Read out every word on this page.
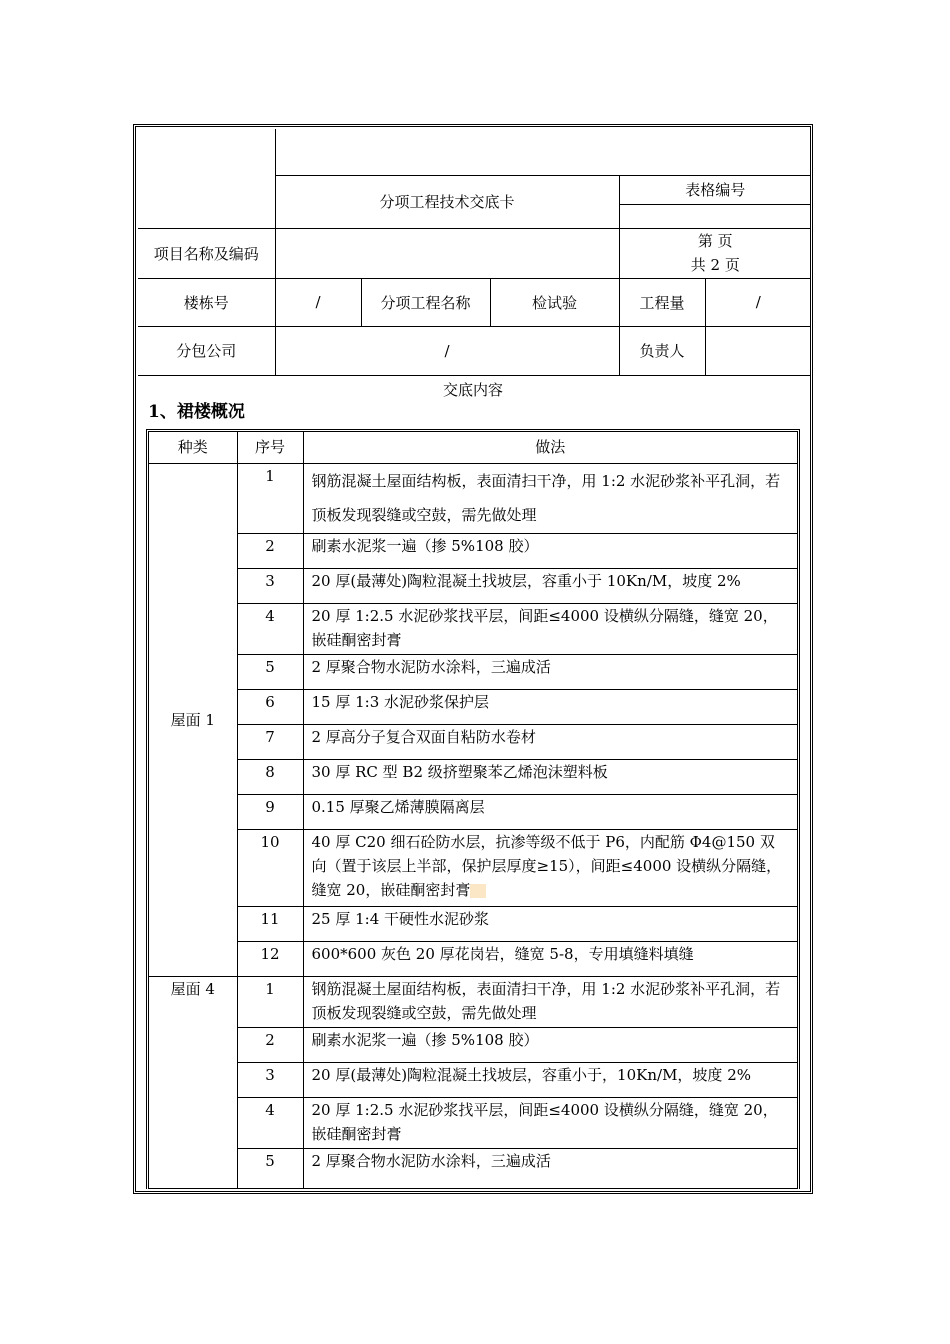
	分项工程技术交底卡			表格编号	

项目名称及编码				第 页
共 2 页	

楼栋号	/	分项工程名称	检试验	工程量	/
分包公司	/			负责人	
交底内容
1、裙楼概况
种类	序号	做法
屋面 1	1	钢筋混凝土屋面结构板，表面清扫干净，用 1:2 水泥砂浆补平孔洞，若顶板发现裂缝或空鼓，需先做处理
	2	刷素水泥浆一遍（掺 5%108 胶）
	3	20 厚(最薄处)陶粒混凝土找坡层，容重小于 10Kn/M，坡度 2%
	4	20 厚 1:2.5 水泥砂浆找平层，间距≤4000 设横纵分隔缝，缝宽 20，嵌硅酮密封膏
	5	2 厚聚合物水泥防水涂料，三遍成活
	6	15 厚 1:3 水泥砂浆保护层
	7	2 厚高分子复合双面自粘防水卷材
	8	30 厚 RC 型 B2 级挤塑聚苯乙烯泡沫塑料板
	9	0.15 厚聚乙烯薄膜隔离层
	10	40 厚 C20 细石砼防水层，抗渗等级不低于 P6，内配筋 Φ4@150 双向（置于该层上半部，保护层厚度≥15），间距≤4000 设横纵分隔缝，缝宽 20，嵌硅酮密封膏
	11	25 厚 1:4 干硬性水泥砂浆
	12	600*600 灰色 20 厚花岗岩，缝宽 5-8，专用填缝料填缝
屋面 4	1	钢筋混凝土屋面结构板，表面清扫干净，用 1:2 水泥砂浆补平孔洞，若顶板发现裂缝或空鼓，需先做处理
	2	刷素水泥浆一遍（掺 5%108 胶）
	3	20 厚(最薄处)陶粒混凝土找坡层，容重小于，10Kn/M，坡度 2%
	4	20 厚 1:2.5 水泥砂浆找平层，间距≤4000 设横纵分隔缝，缝宽 20，嵌硅酮密封膏
	5	2 厚聚合物水泥防水涂料，三遍成活
